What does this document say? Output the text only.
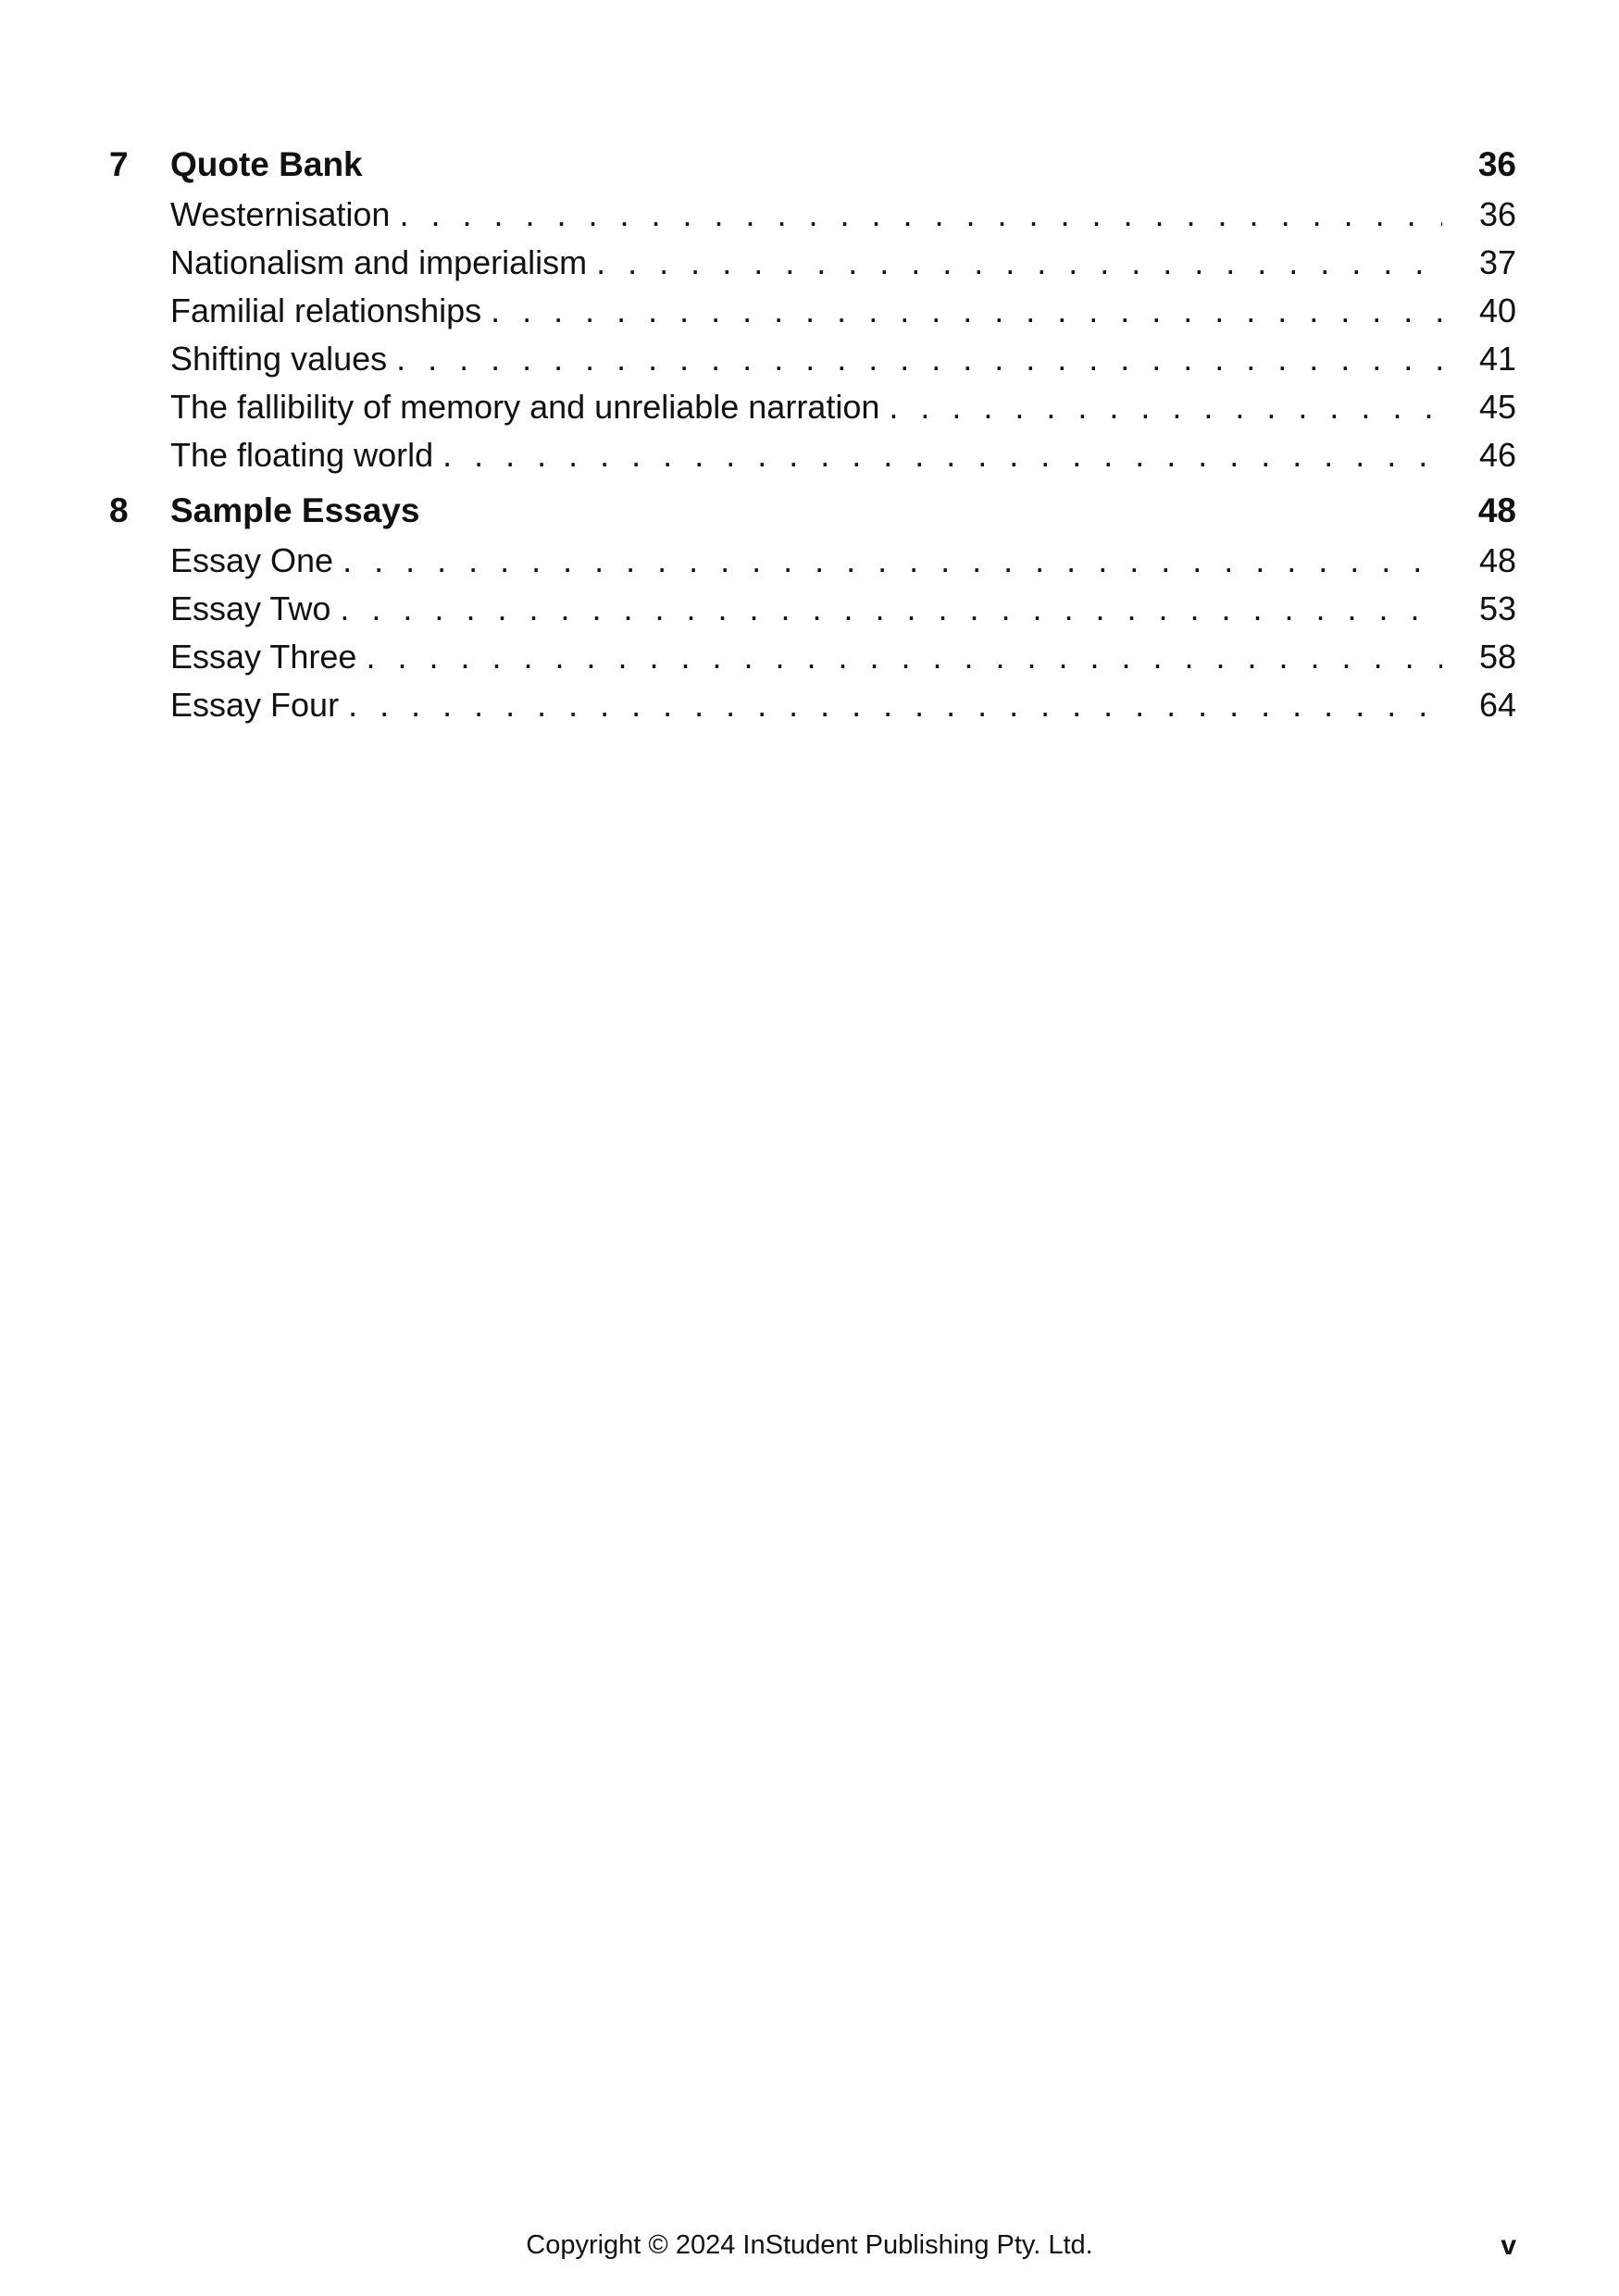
7 Quote Bank	36
Westernisation . . .	36
Nationalism and imperialism . . .	37
Familial relationships . . .	40
Shifting values . . .	41
The fallibility of memory and unreliable narration . . .	45
The floating world . . .	46
8 Sample Essays	48
Essay One . . .	48
Essay Two . . .	53
Essay Three . . .	58
Essay Four . . .	64
Copyright © 2024 InStudent Publishing Pty. Ltd.	v
